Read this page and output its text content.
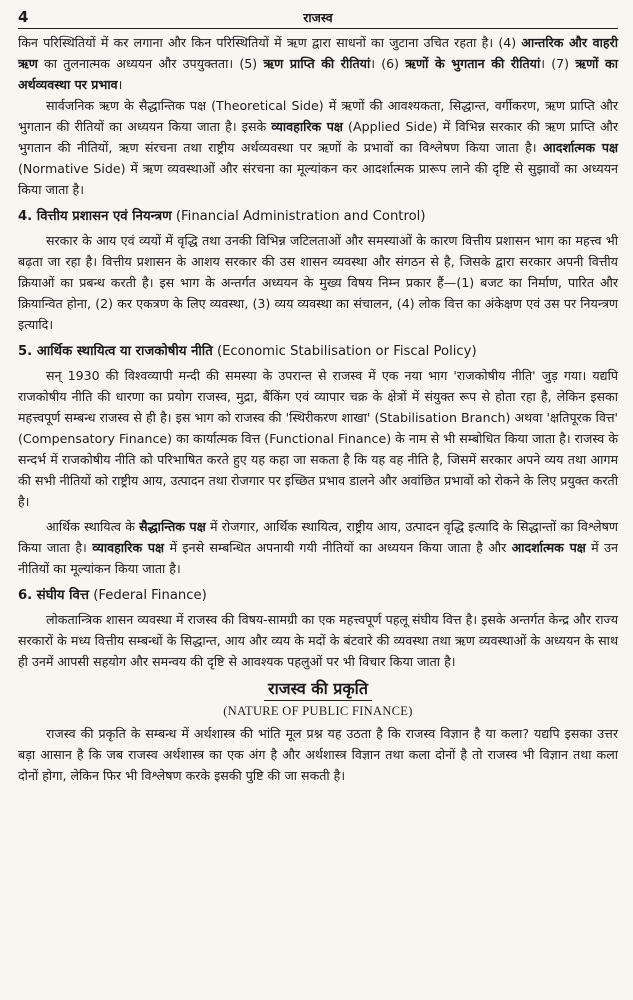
4	राजस्व

किन परिस्थितियों में कर लगाना और किन परिस्थितियों में ऋण द्वारा साधनों का जुटाना उचित रहता है। (4) आन्तरिक और वाहरी ऋण का तुलनात्मक अध्ययन और उपयुक्तता। (5) ऋण प्राप्ति की रीतियां। (6) ऋणों के भुगतान की रीतियां। (7) ऋणों का अर्थव्यवस्था पर प्रभाव।

सार्वजनिक ऋण के सैद्धान्तिक पक्ष (Theoretical Side) में ऋणों की आवश्यकता, सिद्धान्त, वर्गीकरण, ऋण प्राप्ति और भुगतान की रीतियों का अध्ययन किया जाता है। इसके व्यावहारिक पक्ष (Applied Side) में विभिन्न सरकार की ऋण प्राप्ति और भुगतान की नीतियों, ऋण संरचना तथा राष्ट्रीय अर्थव्यवस्था पर ऋणों के प्रभावों का विश्लेषण किया जाता है। आदर्शात्मक पक्ष (Normative Side) में ऋण व्यवस्थाओं और संरचना का मूल्यांकन कर आदर्शात्मक प्रारूप लाने की दृष्टि से सुझावों का अध्ययन किया जाता है।

4. वित्तीय प्रशासन एवं नियन्त्रण (Financial Administration and Control)

सरकार के आय एवं व्ययों में वृद्धि तथा उनकी विभिन्न जटिलताओं और समस्याओं के कारण वित्तीय प्रशासन भाग का महत्त्व भी बढ़ता जा रहा है। वित्तीय प्रशासन के आशय सरकार की उस शासन व्यवस्था और संगठन से है, जिसके द्वारा सरकार अपनी वित्तीय क्रियाओं का प्रबन्ध करती है। इस भाग के अन्तर्गत अध्ययन के मुख्य विषय निम्न प्रकार हैं—(1) बजट का निर्माण, पारित और क्रियान्वित होना, (2) कर एकत्रण के लिए व्यवस्था, (3) व्यय व्यवस्था का संचालन, (4) लोक वित्त का अंकेक्षण एवं उस पर नियन्त्रण इत्यादि।

5. आर्थिक स्थायित्व या राजकोषीय नीति (Economic Stabilisation or Fiscal Policy)

सन् 1930 की विश्वव्यापी मन्दी की समस्या के उपरान्त से राजस्व में एक नया भाग 'राजकोषीय नीति' जुड़ गया। यद्यपि राजकोषीय नीति की धारणा का प्रयोग राजस्व, मुद्रा, बैंकिंग एवं व्यापार चक्र के क्षेत्रों में संयुक्त रूप से होता रहा है, लेकिन इसका महत्त्वपूर्ण सम्बन्ध राजस्व से ही है। इस भाग को राजस्व की 'स्थिरीकरण शाखा' (Stabilisation Branch) अथवा 'क्षतिपूरक वित्त' (Compensatory Finance) का कार्यात्मक वित्त (Functional Finance) के नाम से भी सम्बोधित किया जाता है। राजस्व के सन्दर्भ में राजकोषीय नीति को परिभाषित करते हुए यह कहा जा सकता है कि यह वह नीति है, जिसमें सरकार अपने व्यय तथा आगम की सभी नीतियों को राष्ट्रीय आय, उत्पादन तथा रोजगार पर इच्छित प्रभाव डालने और अवांछित प्रभावों को रोकने के लिए प्रयुक्त करती है।

आर्थिक स्थायित्व के सैद्धान्तिक पक्ष में रोजगार, आर्थिक स्थायित्व, राष्ट्रीय आय, उत्पादन वृद्धि इत्यादि के सिद्धान्तों का विश्लेषण किया जाता है। व्यावहारिक पक्ष में इनसे सम्बन्धित अपनायी गयी नीतियों का अध्ययन किया जाता है और आदर्शात्मक पक्ष में उन नीतियों का मूल्यांकन किया जाता है।

6. संघीय वित्त (Federal Finance)

लोकतान्त्रिक शासन व्यवस्था में राजस्व की विषय-सामग्री का एक महत्त्वपूर्ण पहलू संघीय वित्त है। इसके अन्तर्गत केन्द्र और राज्य सरकारों के मध्य वित्तीय सम्बन्धों के सिद्धान्त, आय और व्यय के मदों के बंटवारे की व्यवस्था तथा ऋण व्यवस्थाओं के अध्ययन के साथ ही उनमें आपसी सहयोग और समन्वय की दृष्टि से आवश्यक पहलुओं पर भी विचार किया जाता है।

राजस्व की प्रकृति
(NATURE OF PUBLIC FINANCE)

राजस्व की प्रकृति के सम्बन्ध में अर्थशास्त्र की भांति मूल प्रश्न यह उठता है कि राजस्व विज्ञान है या कला? यद्यपि इसका उत्तर बड़ा आसान है कि जब राजस्व अर्थशास्त्र का एक अंग है और अर्थशास्त्र विज्ञान तथा कला दोनों है तो राजस्व भी विज्ञान तथा कला दोनों होगा, लेकिन फिर भी विश्लेषण करके इसकी पुष्टि की जा सकती है।
